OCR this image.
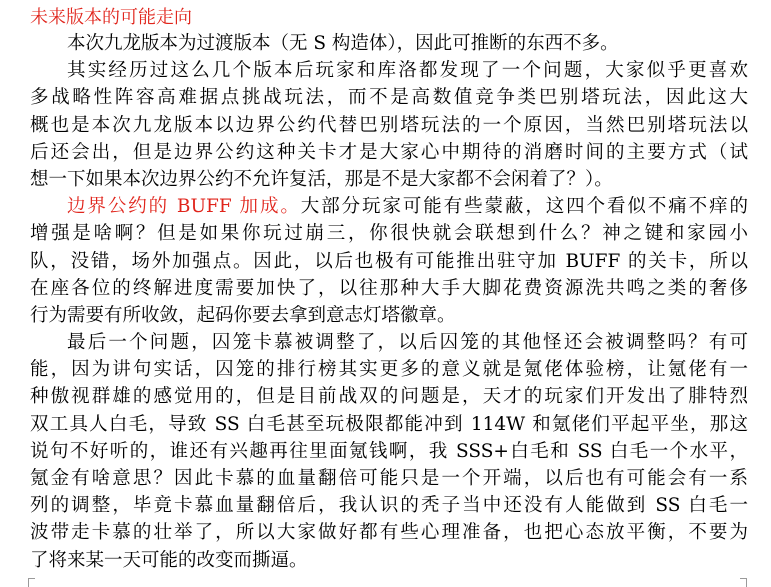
未来版本的可能走向
本次九龙版本为过渡版本（无 S 构造体），因此可推断的东西不多。
其实经历过这么几个版本后玩家和库洛都发现了一个问题，大家似乎更喜欢
多战略性阵容高难据点挑战玩法，而不是高数值竞争类巴别塔玩法，因此这大
概也是本次九龙版本以边界公约代替巴别塔玩法的一个原因，当然巴别塔玩法以
后还会出，但是边界公约这种关卡才是大家心中期待的消磨时间的主要方式（试
想一下如果本次边界公约不允许复活，那是不是大家都不会闲着了？）。
边界公约的 BUFF 加成。大部分玩家可能有些蒙蔽，这四个看似不痛不痒的
增强是啥啊？但是如果你玩过崩三，你很快就会联想到什么？神之键和家园小
队，没错，场外加强点。因此，以后也极有可能推出驻守加 BUFF 的关卡，所以
在座各位的终解进度需要加快了，以往那种大手大脚花费资源洗共鸣之类的奢侈
行为需要有所收敛，起码你要去拿到意志灯塔徽章。
最后一个问题，囚笼卡慕被调整了，以后囚笼的其他怪还会被调整吗？有可
能，因为讲句实话，囚笼的排行榜其实更多的意义就是氪佬体验榜，让氪佬有一
种傲视群雄的感觉用的，但是目前战双的问题是，天才的玩家们开发出了腓特烈
双工具人白毛，导致 SS 白毛甚至玩极限都能冲到 114W 和氪佬们平起平坐，那这
说句不好听的，谁还有兴趣再往里面氪钱啊，我 SSS+白毛和 SS 白毛一个水平，
氪金有啥意思？因此卡慕的血量翻倍可能只是一个开端，以后也有可能会有一系
列的调整，毕竟卡慕血量翻倍后，我认识的秃子当中还没有人能做到 SS 白毛一
波带走卡慕的壮举了，所以大家做好都有些心理准备，也把心态放平衡，不要为
了将来某一天可能的改变而撕逼。
